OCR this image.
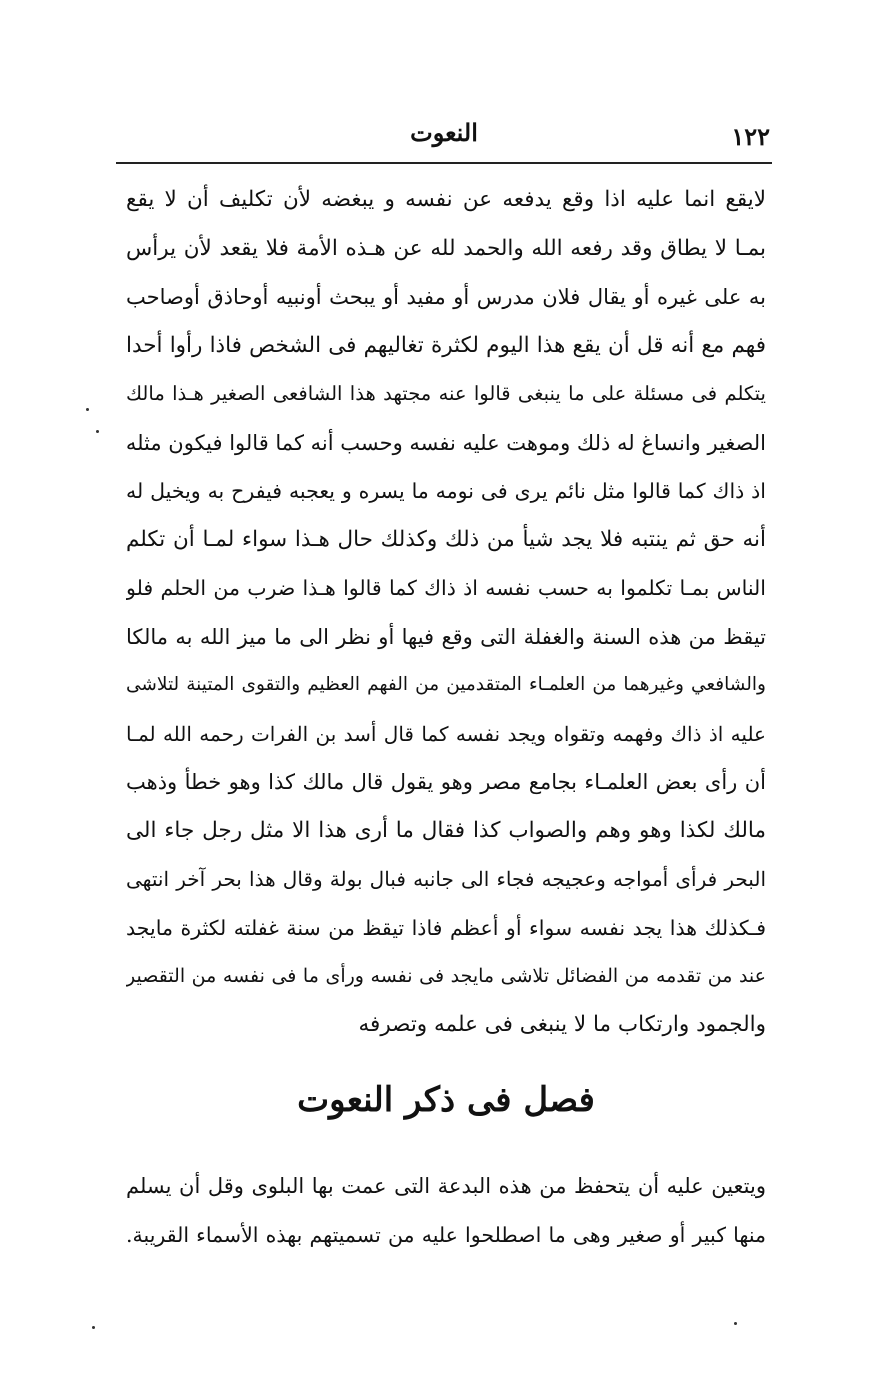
١٢٢
النعوت
لايقع انما عليه اذا وقع يدفعه عن نفسه و يبغضه لأن تكليف أن لا يقع
بمـا لا يطاق وقد رفعه الله والحمد لله عن هـذه الأمة فلا يقعد لأن يرأس
به على غيره أو يقال فلان مدرس أو مفيد أو يبحث أونبيه أوحاذق أوصاحب
فهم مع أنه قل أن يقع هذا اليوم لكثرة تغاليهم فى الشخص فاذا رأوا أحدا
يتكلم فى مسئلة على ما ينبغى قالوا عنه مجتهد هذا الشافعى الصغير هـذا مالك
الصغير وانساغ له ذلك وموهت عليه نفسه وحسب أنه كما قالوا فيكون مثله
اذ ذاك كما قالوا مثل نائم يرى فى نومه ما يسره و يعجبه فيفرح به ويخيل له
أنه حق ثم ينتبه فلا يجد شيأ من ذلك وكذلك حال هـذا سواء لمـا أن تكلم
الناس بمـا تكلموا به حسب نفسه اذ ذاك كما قالوا هـذا ضرب من الحلم فلو
تيقظ من هذه السنة والغفلة التى وقع فيها أو نظر الى ما ميز الله به مالكا
والشافعي وغيرهما من العلمـاء المتقدمين من الفهم العظيم والتقوى المتينة لتلاشى
عليه اذ ذاك وفهمه وتقواه ويجد نفسه كما قال أسد بن الفرات رحمه الله لمـا
أن رأى بعض العلمـاء بجامع مصر وهو يقول قال مالك كذا وهو خطأ وذهب
مالك لكذا وهو وهم والصواب كذا فقال ما أرى هذا الا مثل رجل جاء الى
البحر فرأى أمواجه وعجيجه فجاء الى جانبه فبال بولة وقال هذا بحر آخر انتهى
فـكذلك هذا يجد نفسه سواء أو أعظم فاذا تيقظ من سنة غفلته لكثرة مايجد
عند من تقدمه من الفضائل تلاشى مايجد فى نفسه ورأى ما فى نفسه من التقصير
والجمود وارتكاب ما لا ينبغى فى علمه وتصرفه
فصل فى ذكر النعوت
ويتعين عليه أن يتحفظ من هذه البدعة التى عمت بها البلوى وقل أن يسلم
منها كبير أو صغير وهى ما اصطلحوا عليه من تسميتهم بهذه الأسماء القريبة.
